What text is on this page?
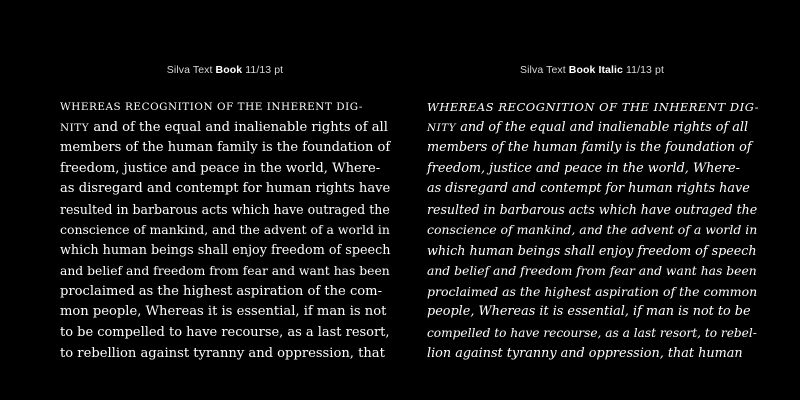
Silva Text Book 11/13 pt
WHEREAS RECOGNITION OF THE INHERENT DIG-
NITY and of the equal and inalienable rights of all
members of the human family is the foundation of
freedom, justice and peace in the world, Where-
as disregard and contempt for human rights have
resulted in barbarous acts which have outraged the
conscience of mankind, and the advent of a world in
which human beings shall enjoy freedom of speech
and belief and freedom from fear and want has been
proclaimed as the highest aspiration of the com-
mon people, Whereas it is essential, if man is not
to be compelled to have recourse, as a last resort,
to rebellion against tyranny and oppression, that
Silva Text Book Italic 11/13 pt
WHEREAS RECOGNITION OF THE INHERENT DIG-
NITY and of the equal and inalienable rights of all
members of the human family is the foundation of
freedom, justice and peace in the world, Where-
as disregard and contempt for human rights have
resulted in barbarous acts which have outraged the
conscience of mankind, and the advent of a world in
which human beings shall enjoy freedom of speech
and belief and freedom from fear and want has been
proclaimed as the highest aspiration of the common
people, Whereas it is essential, if man is not to be
compelled to have recourse, as a last resort, to rebel-
lion against tyranny and oppression, that human
